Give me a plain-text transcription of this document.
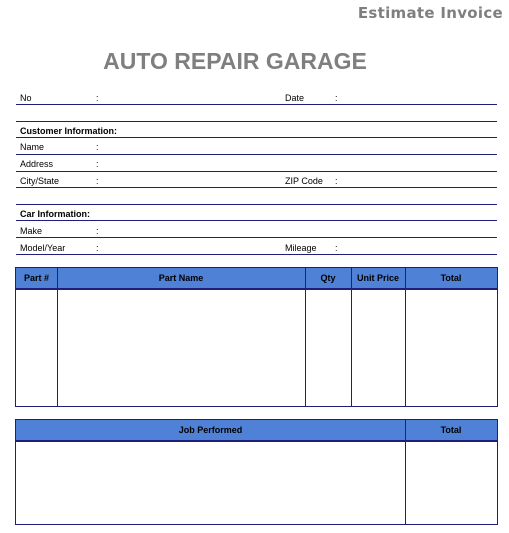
Estimate Invoice
AUTO REPAIR GARAGE
No	:	Date	:
Customer Information:
Name	:
Address	:
City/State	:	ZIP Code :
Car Information:
Make	:
Model/Year	:	Mileage :
Part #	Part Name	Qty	Unit Price	Total
Job Performed	Total
